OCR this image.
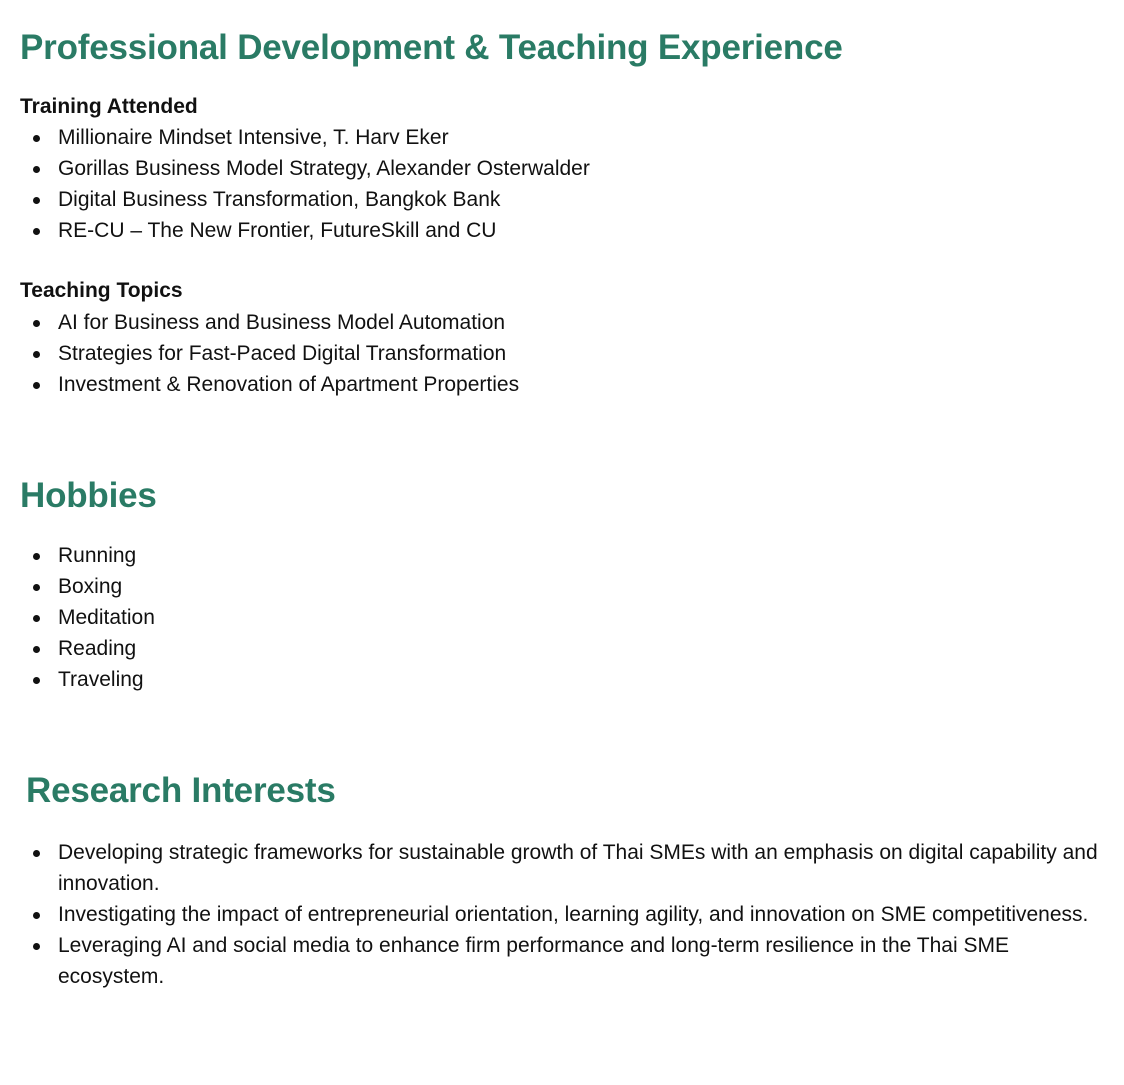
Professional Development & Teaching Experience
Training Attended
Millionaire Mindset Intensive, T. Harv Eker
Gorillas Business Model Strategy, Alexander Osterwalder
Digital Business Transformation, Bangkok Bank
RE-CU – The New Frontier, FutureSkill and CU
Teaching Topics
AI for Business and Business Model Automation
Strategies for Fast-Paced Digital Transformation
Investment & Renovation of Apartment Properties
Hobbies
Running
Boxing
Meditation
Reading
Traveling
Research Interests
Developing strategic frameworks for sustainable growth of Thai SMEs with an emphasis on digital capability and innovation.
Investigating the impact of entrepreneurial orientation, learning agility, and innovation on SME competitiveness.
Leveraging AI and social media to enhance firm performance and long-term resilience in the Thai SME ecosystem.
